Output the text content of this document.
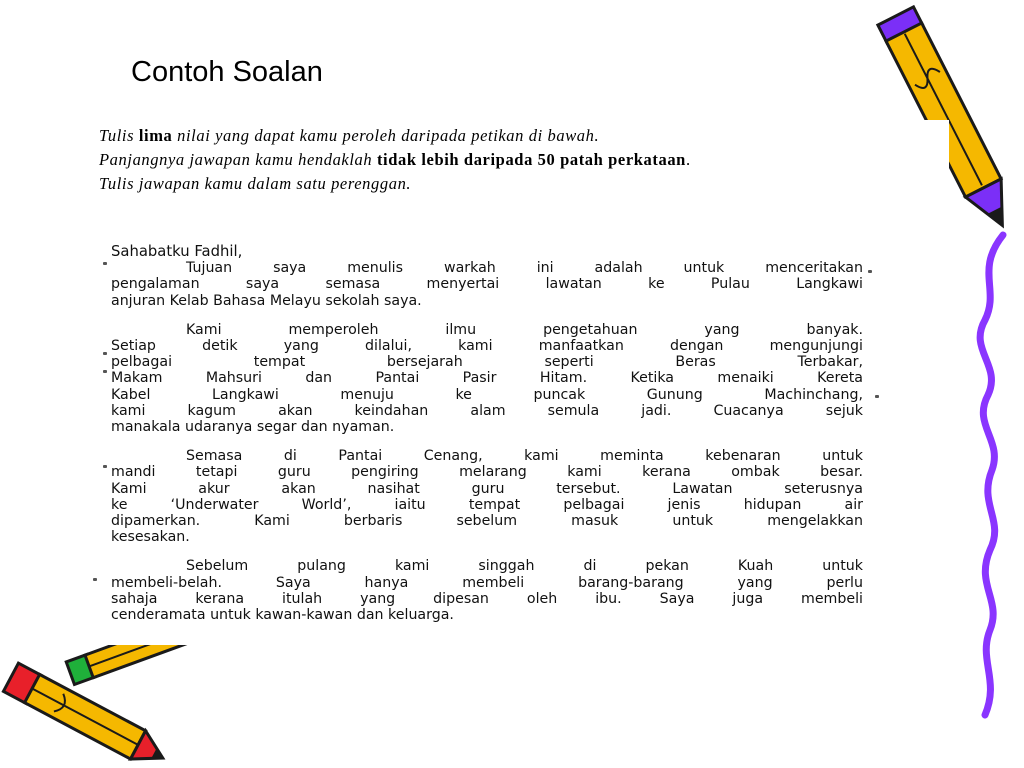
Contoh Soalan
Tulis lima nilai yang dapat kamu peroleh daripada petikan di bawah.
Panjangnya jawapan kamu hendaklah tidak lebih daripada 50 patah perkataan.
Tulis jawapan kamu dalam satu perenggan.
Sahabatku Fadhil,
Tujuan saya menulis warkah ini adalah untuk menceritakan
pengalaman saya semasa menyertai lawatan ke Pulau Langkawi
anjuran Kelab Bahasa Melayu sekolah saya.
Kami memperoleh ilmu pengetahuan yang banyak.
Setiap detik yang dilalui, kami manfaatkan dengan mengunjungi
pelbagai tempat bersejarah seperti Beras Terbakar,
Makam Mahsuri dan Pantai Pasir Hitam. Ketika menaiki Kereta
Kabel Langkawi menuju ke puncak Gunung Machinchang,
kami kagum akan keindahan alam semula jadi. Cuacanya sejuk
manakala udaranya segar dan nyaman.
Semasa di Pantai Cenang, kami meminta kebenaran untuk
mandi tetapi guru pengiring melarang kami kerana ombak besar.
Kami akur akan nasihat guru tersebut. Lawatan seterusnya
ke ‘Underwater World’, iaitu tempat pelbagai jenis hidupan air
dipamerkan. Kami berbaris sebelum masuk untuk mengelakkan
kesesakan.
Sebelum pulang kami singgah di pekan Kuah untuk
membeli-belah. Saya hanya membeli barang-barang yang perlu
sahaja kerana itulah yang dipesan oleh ibu. Saya juga membeli
cenderamata untuk kawan-kawan dan keluarga.
